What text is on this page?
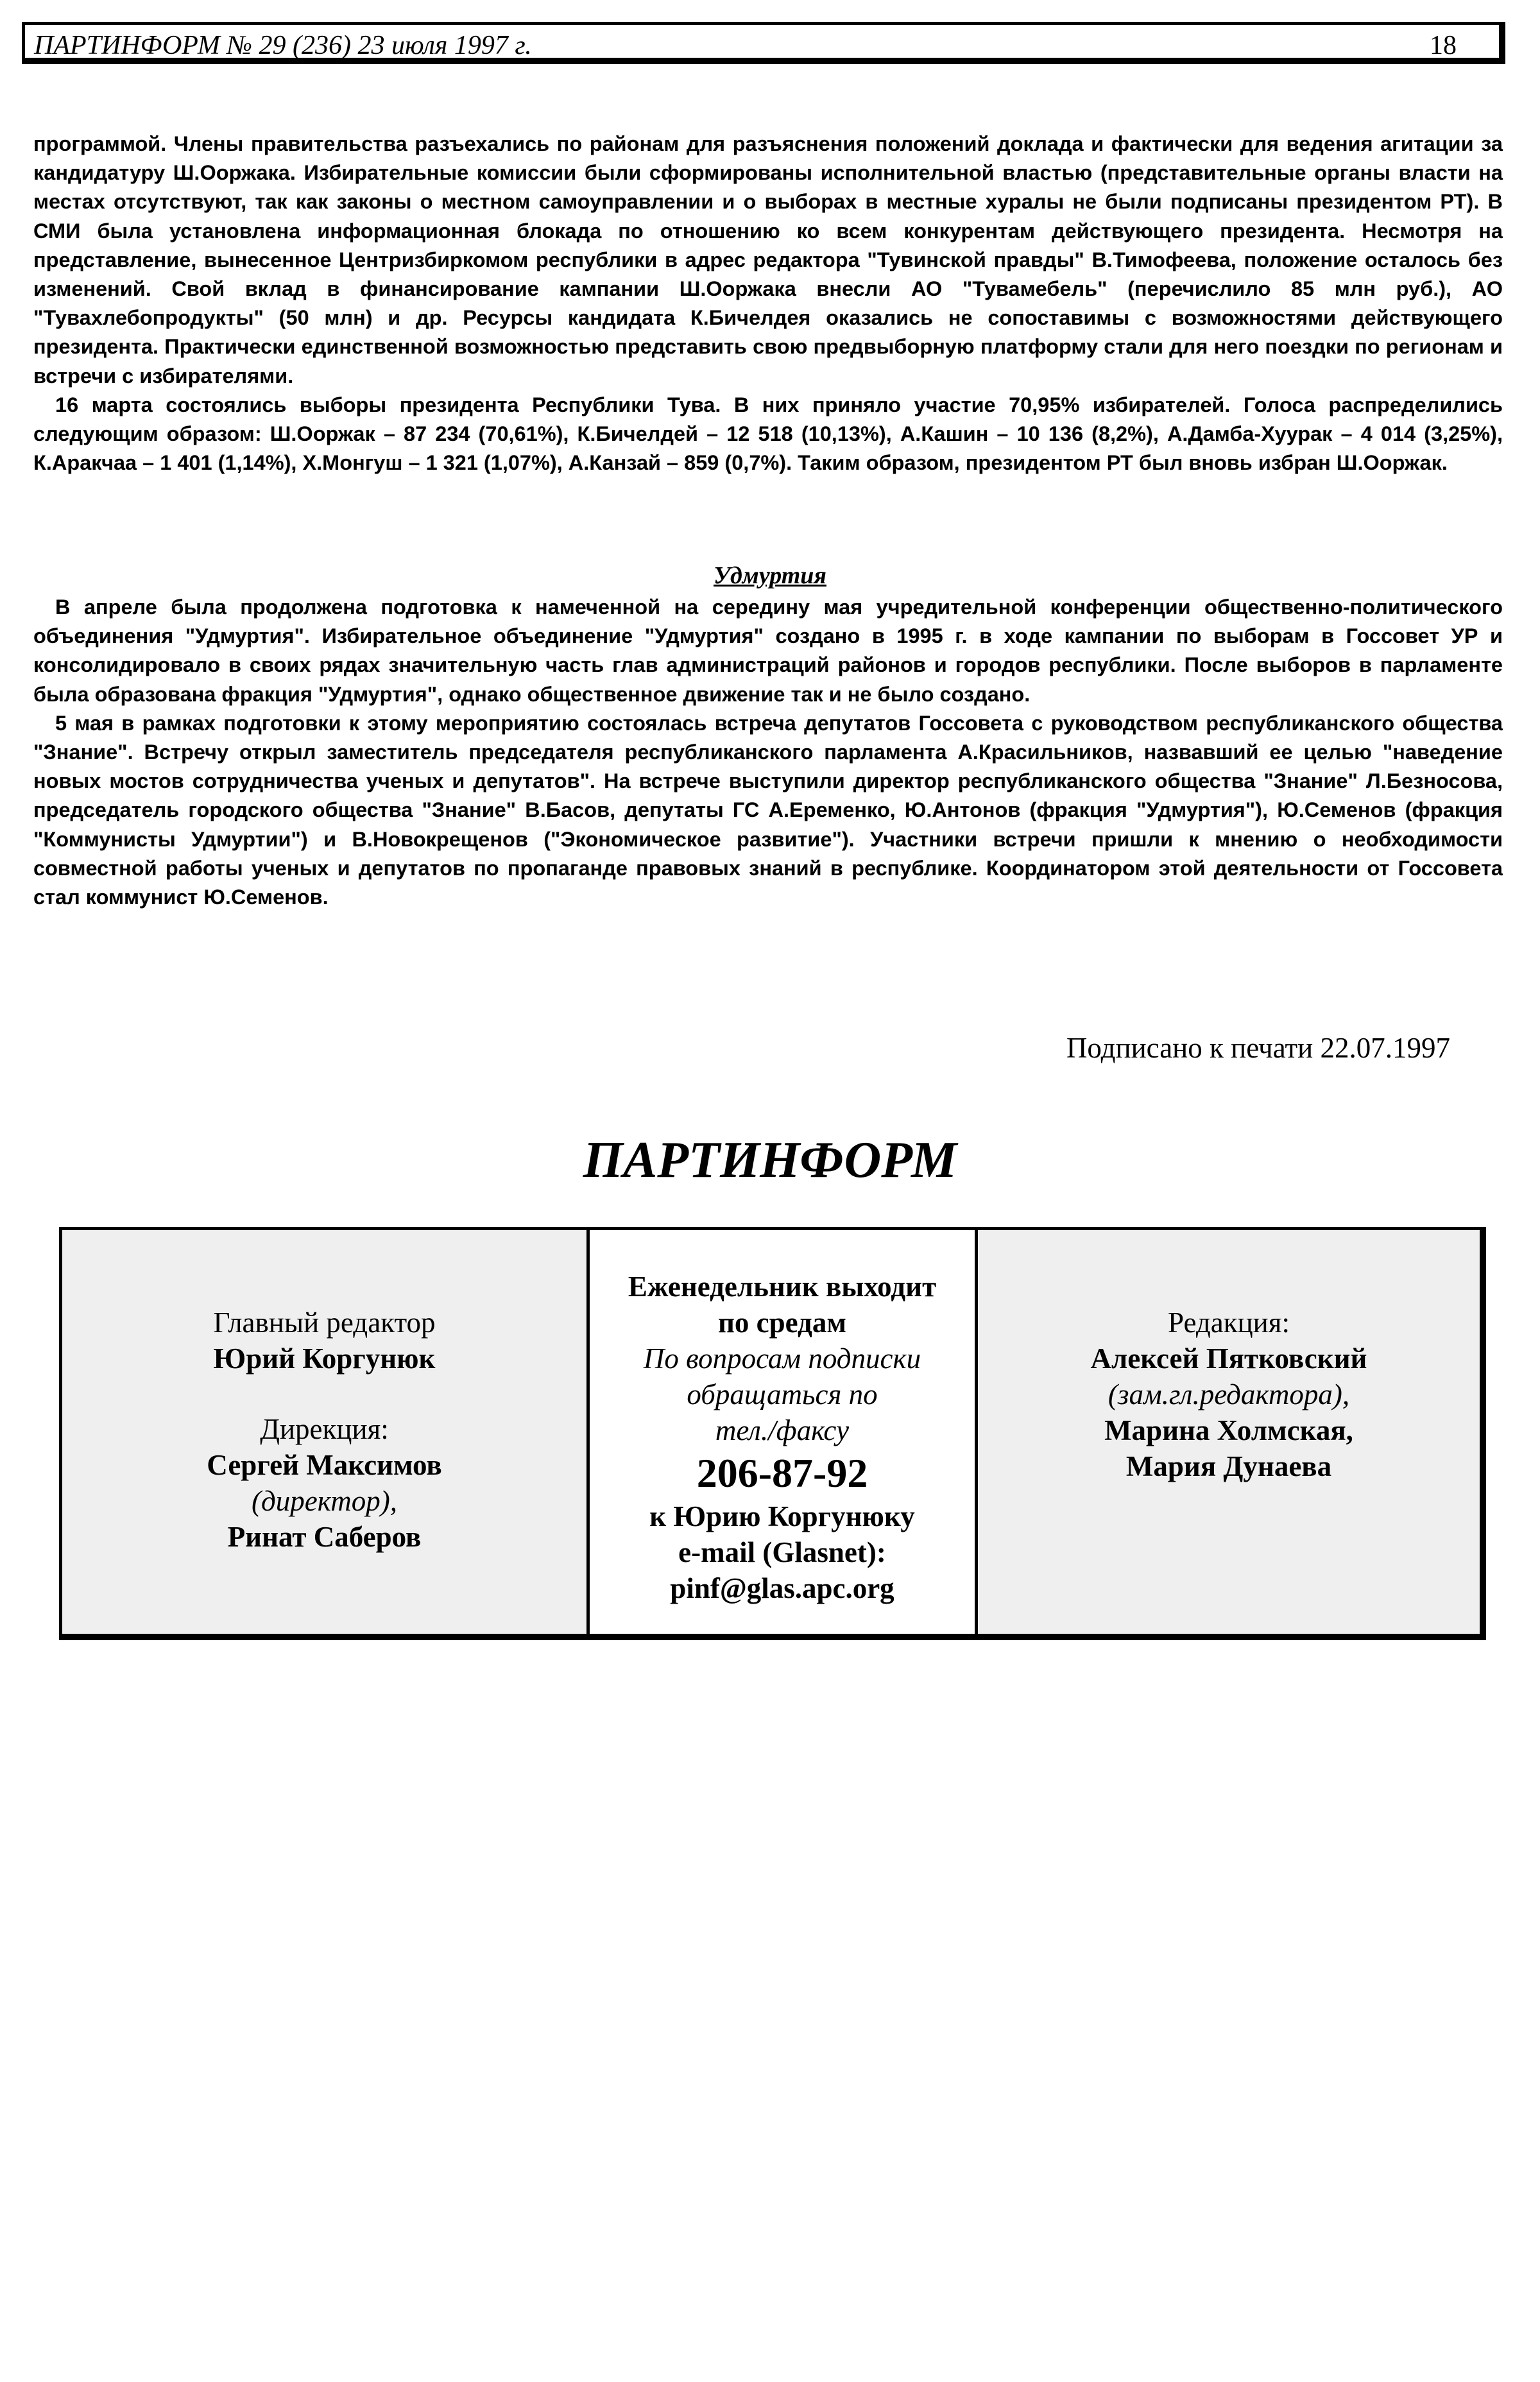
ПАРТИНФОРМ № 29 (236) 23 июля 1997 г.	18

программой. Члены правительства разъехались по районам для разъяснения положений доклада и фактически для ведения агитации за кандидатуру Ш.Ооржака. Избирательные комиссии были сформированы исполнительной властью (представительные органы власти на местах отсутствуют, так как законы о местном самоуправлении и о выборах в местные хуралы не были подписаны президентом РТ). В СМИ была установлена информационная блокада по отношению ко всем конкурентам действующего президента. Несмотря на представление, вынесенное Центризбиркомом республики в адрес редактора "Тувинской правды" В.Тимофеева, положение осталось без изменений. Свой вклад в финансирование кампании Ш.Ооржака внесли АО "Тувамебель" (перечислило 85 млн руб.), АО "Тувахлебопродукты" (50 млн) и др. Ресурсы кандидата К.Бичелдея оказались не сопоставимы с возможностями действующего президента. Практически единственной возможностью представить свою предвыборную платформу стали для него поездки по регионам и встречи с избирателями.

16 марта состоялись выборы президента Республики Тува. В них приняло участие 70,95% избирателей. Голоса распределились следующим образом: Ш.Ооржак – 87 234 (70,61%), К.Бичелдей – 12 518 (10,13%), А.Кашин – 10 136 (8,2%), А.Дамба-Хуурак – 4 014 (3,25%), К.Аракчаа – 1 401 (1,14%), Х.Монгуш – 1 321 (1,07%), А.Канзай – 859 (0,7%). Таким образом, президентом РТ был вновь избран Ш.Ооржак.

Удмуртия

В апреле была продолжена подготовка к намеченной на середину мая учредительной конференции общественно-политического объединения "Удмуртия". Избирательное объединение "Удмуртия" создано в 1995 г. в ходе кампании по выборам в Госсовет УР и консолидировало в своих рядах значительную часть глав администраций районов и городов республики. После выборов в парламенте была образована фракция "Удмуртия", однако общественное движение так и не было создано.

5 мая в рамках подготовки к этому мероприятию состоялась встреча депутатов Госсовета с руководством республиканского общества "Знание". Встречу открыл заместитель председателя республиканского парламента А.Красильников, назвавший ее целью "наведение новых мостов сотрудничества ученых и депутатов". На встрече выступили директор республиканского общества "Знание" Л.Безносова, председатель городского общества "Знание" В.Басов, депутаты ГС А.Еременко, Ю.Антонов (фракция "Удмуртия"), Ю.Семенов (фракция "Коммунисты Удмуртии") и В.Новокрещенов ("Экономическое развитие"). Участники встречи пришли к мнению о необходимости совместной работы ученых и депутатов по пропаганде правовых знаний в республике. Координатором этой деятельности от Госсовета стал коммунист Ю.Семенов.

Подписано к печати 22.07.1997
ПАРТИНФОРМ
Главный редактор
Юрий Коргунюк
Дирекция:
Сергей Максимов
(директор),
Ринат Саберов
Еженедельник выходит
по средам
По вопросам подписки
обращаться по
тел./факсу
206-87-92
к Юрию Коргунюку
e-mail (Glasnet):
pinf@glas.apc.org
Редакция:
Алексей Пятковский
(зам.гл.редактора),
Марина Холмская,
Мария Дунаева
